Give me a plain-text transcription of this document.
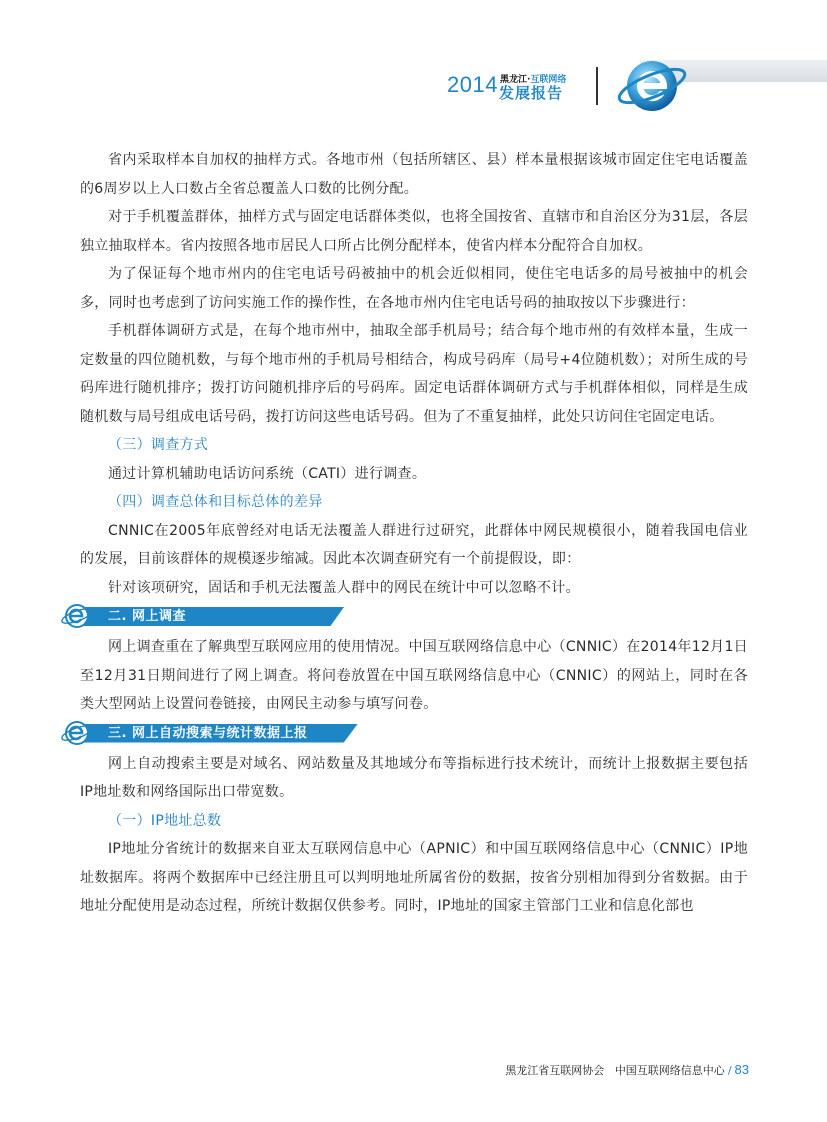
2014 黑龙江·互联网络
发展报告

省内采取样本自加权的抽样方式。各地市州（包括所辖区、县）样本量根据该城市固定住宅电话覆盖的6周岁以上人口数占全省总覆盖人口数的比例分配。

对于手机覆盖群体，抽样方式与固定电话群体类似，也将全国按省、直辖市和自治区分为31层，各层独立抽取样本。省内按照各地市居民人口所占比例分配样本，使省内样本分配符合自加权。

为了保证每个地市州内的住宅电话号码被抽中的机会近似相同，使住宅电话多的局号被抽中的机会多，同时也考虑到了访问实施工作的操作性，在各地市州内住宅电话号码的抽取按以下步骤进行：

手机群体调研方式是，在每个地市州中，抽取全部手机局号；结合每个地市州的有效样本量，生成一定数量的四位随机数，与每个地市州的手机局号相结合，构成号码库（局号+4位随机数）；对所生成的号码库进行随机排序；拨打访问随机排序后的号码库。固定电话群体调研方式与手机群体相似，同样是生成随机数与局号组成电话号码，拨打访问这些电话号码。但为了不重复抽样，此处只访问住宅固定电话。

（三）调查方式

通过计算机辅助电话访问系统（CATI）进行调查。

（四）调查总体和目标总体的差异

CNNIC在2005年底曾经对电话无法覆盖人群进行过研究，此群体中网民规模很小，随着我国电信业的发展，目前该群体的规模逐步缩减。因此本次调查研究有一个前提假设，即：

针对该项研究，固话和手机无法覆盖人群中的网民在统计中可以忽略不计。

二. 网上调查

网上调查重在了解典型互联网应用的使用情况。中国互联网络信息中心（CNNIC）在2014年12月1日至12月31日期间进行了网上调查。将问卷放置在中国互联网络信息中心（CNNIC）的网站上，同时在各类大型网站上设置问卷链接，由网民主动参与填写问卷。

三. 网上自动搜索与统计数据上报

网上自动搜索主要是对域名、网站数量及其地域分布等指标进行技术统计，而统计上报数据主要包括IP地址数和网络国际出口带宽数。

（一）IP地址总数

IP地址分省统计的数据来自亚太互联网信息中心（APNIC）和中国互联网络信息中心（CNNIC）IP地址数据库。将两个数据库中已经注册且可以判明地址所属省份的数据，按省分别相加得到分省数据。由于地址分配使用是动态过程，所统计数据仅供参考。同时，IP地址的国家主管部门工业和信息化部也

黑龙江省互联网协会 中国互联网络信息中心 / 83
